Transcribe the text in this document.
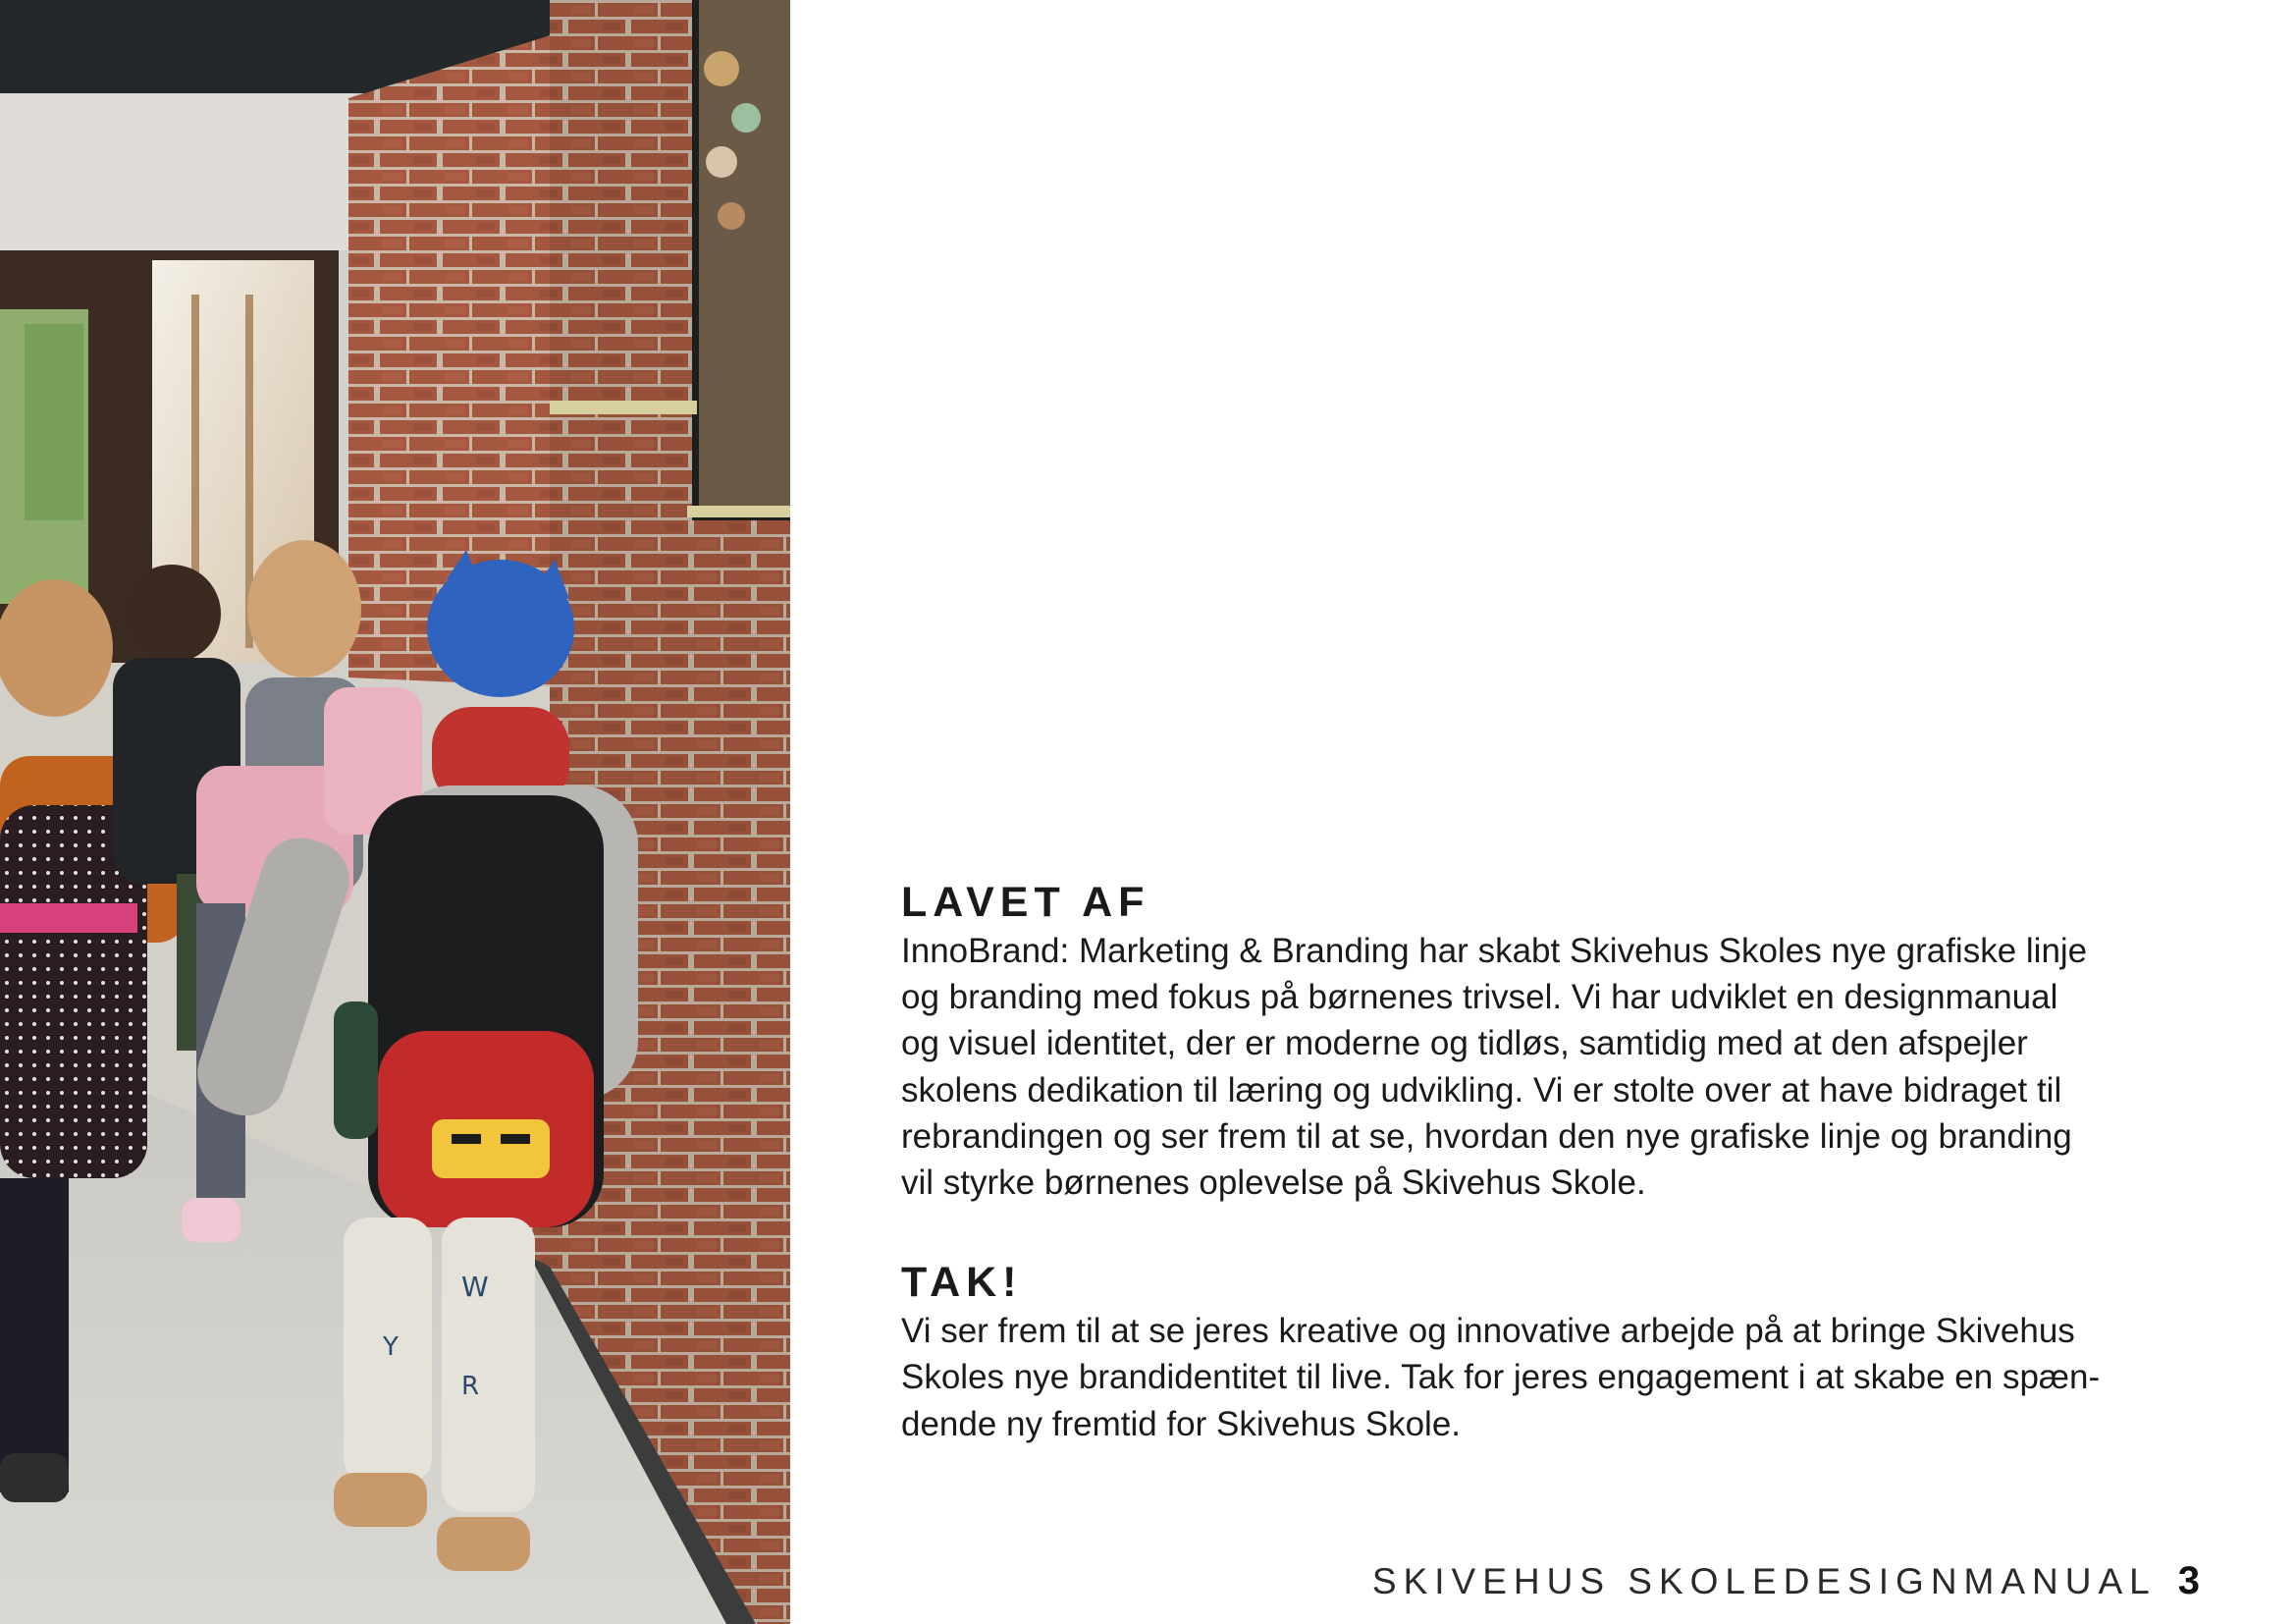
W
Y
R
LAVET AF

InnoBrand: Marketing & Branding har skabt Skivehus Skoles nye grafiske linje
og branding med fokus på børnenes trivsel. Vi har udviklet en designmanual
og visuel identitet, der er moderne og tidløs, samtidig med at den afspejler
skolens dedikation til læring og udvikling. Vi er stolte over at have bidraget til
rebrandingen og ser frem til at se, hvordan den nye grafiske linje og branding
vil styrke børnenes oplevelse på Skivehus Skole.

TAK!

Vi ser frem til at se jeres kreative og innovative arbejde på at bringe Skivehus
Skoles nye brandidentitet til live. Tak for jeres engagement i at skabe en spæn-
dende ny fremtid for Skivehus Skole.

SKIVEHUS SKOLEDESIGNMANUAL 3
